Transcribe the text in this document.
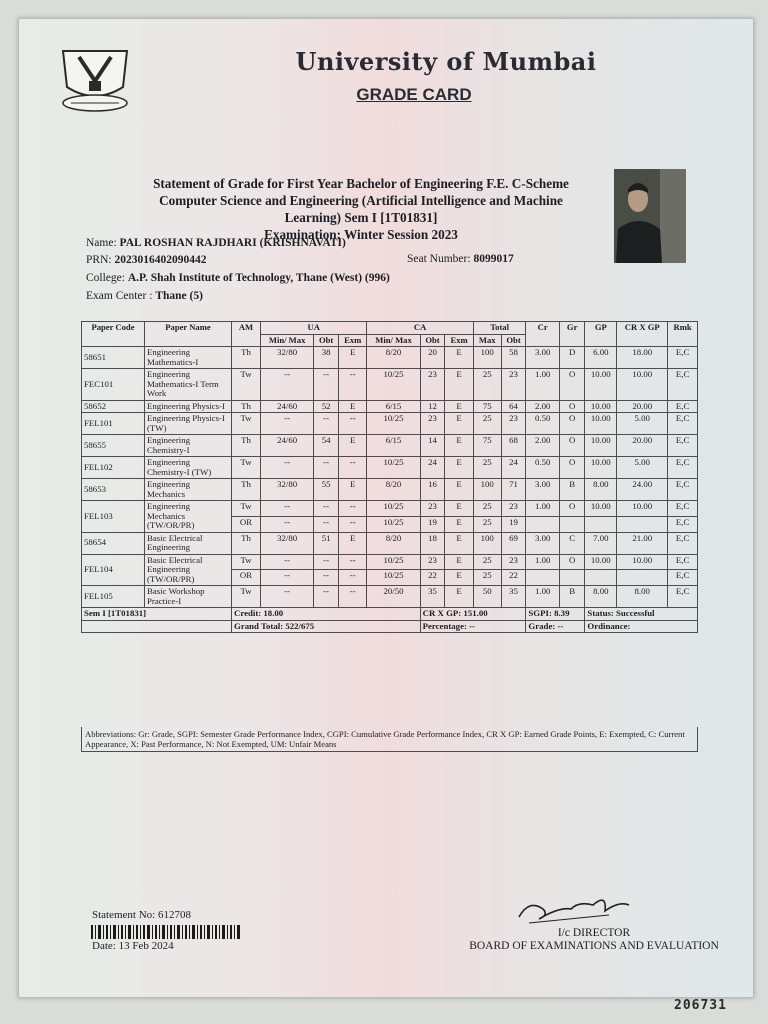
University of Mumbai
GRADE CARD
Statement of Grade for First Year Bachelor of Engineering F.E. C-Scheme
Computer Science and Engineering (Artificial Intelligence and Machine
Learning) Sem I [1T01831]
Examination: Winter Session 2023
Name: PAL ROSHAN RAJDHARI (KRISHNAVATI)
PRN: 2023016402090442	Seat Number: 8099017
College: A.P. Shah Institute of Technology, Thane (West) (996)
Exam Center : Thane (5)
Paper Code	Paper Name	AM	UA			CA			Total		Cr	Gr	GP	CR X GP	Rmk
			Min/ Max	Obt	Exm	Min/ Max	Obt	Exm	Max	Obt					
58651	Engineering Mathematics-I	Th	32/80	38	E	8/20	20	E	100	58	3.00	D	6.00	18.00	E,C
FEC101	Engineering Mathematics-I Term Work	Tw	--	--	--	10/25	23	E	25	23	1.00	O	10.00	10.00	E,C
58652	Engineering Physics-I	Th	24/60	52	E	6/15	12	E	75	64	2.00	O	10.00	20.00	E,C
FEL101	Engineering Physics-I (TW)	Tw	--	--	--	10/25	23	E	25	23	0.50	O	10.00	5.00	E,C
58655	Engineering Chemistry-I	Th	24/60	54	E	6/15	14	E	75	68	2.00	O	10.00	20.00	E,C
FEL102	Engineering Chemistry-I (TW)	Tw	--	--	--	10/25	24	E	25	24	0.50	O	10.00	5.00	E,C
58653	Engineering Mechanics	Th	32/80	55	E	8/20	16	E	100	71	3.00	B	8.00	24.00	E,C
FEL103	Engineering Mechanics (TW/OR/PR)	Tw	--	--	--	10/25	23	E	25	23	1.00	O	10.00	10.00	E,C
		OR	--	--	--	10/25	19	E	25	19					E,C
58654	Basic Electrical Engineering	Th	32/80	51	E	8/20	18	E	100	69	3.00	C	7.00	21.00	E,C
FEL104	Basic Electrical Engineering (TW/OR/PR)	Tw	--	--	--	10/25	23	E	25	23	1.00	O	10.00	10.00	E,C
		OR	--	--	--	10/25	22	E	25	22					E,C
FEL105	Basic Workshop Practice-I	Tw	--	--	--	20/50	35	E	50	35	1.00	B	8.00	8.00	E,C
Sem I [1T01831]		Credit: 18.00					CR X GP: 151.00				SGPI: 8.39		Status: Successful		
		Grand Total: 522/675					Percentage: --				Grade: --		Ordinance:		
Abbreviations: Gr: Grade, SGPI: Semester Grade Performance Index, CGPI: Cumulative Grade Performance Index, CR X GP: Earned Grade Points, E: Exempted, C: Current Appearance, X: Past Performance, N: Not Exempted, UM: Unfair Means
Statement No: 612708
Date: 13 Feb 2024
I/c DIRECTOR
BOARD OF EXAMINATIONS AND EVALUATION
206731
